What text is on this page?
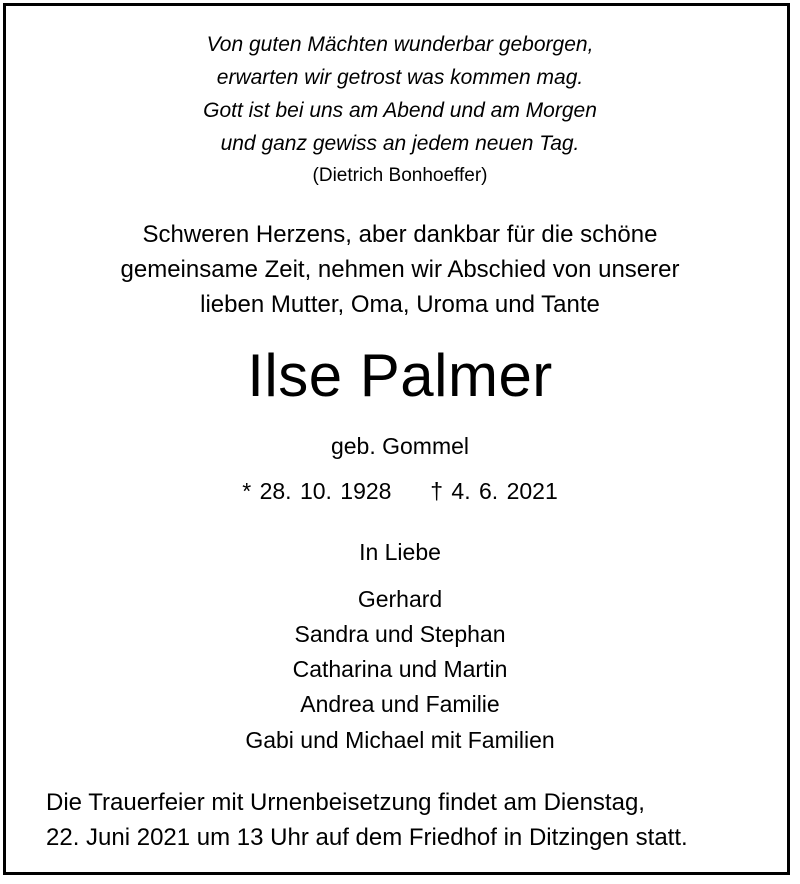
Von guten Mächten wunderbar geborgen,
erwarten wir getrost was kommen mag.
Gott ist bei uns am Abend und am Morgen
und ganz gewiss an jedem neuen Tag.
(Dietrich Bonhoeffer)
Schweren Herzens, aber dankbar für die schöne
gemeinsame Zeit, nehmen wir Abschied von unserer
lieben Mutter, Oma, Uroma und Tante
Ilse Palmer
geb. Gommel
* 28. 10. 1928 † 4. 6. 2021
In Liebe
Gerhard
Sandra und Stephan
Catharina und Martin
Andrea und Familie
Gabi und Michael mit Familien
Die Trauerfeier mit Urnenbeisetzung findet am Dienstag,
22. Juni 2021 um 13 Uhr auf dem Friedhof in Ditzingen statt.
